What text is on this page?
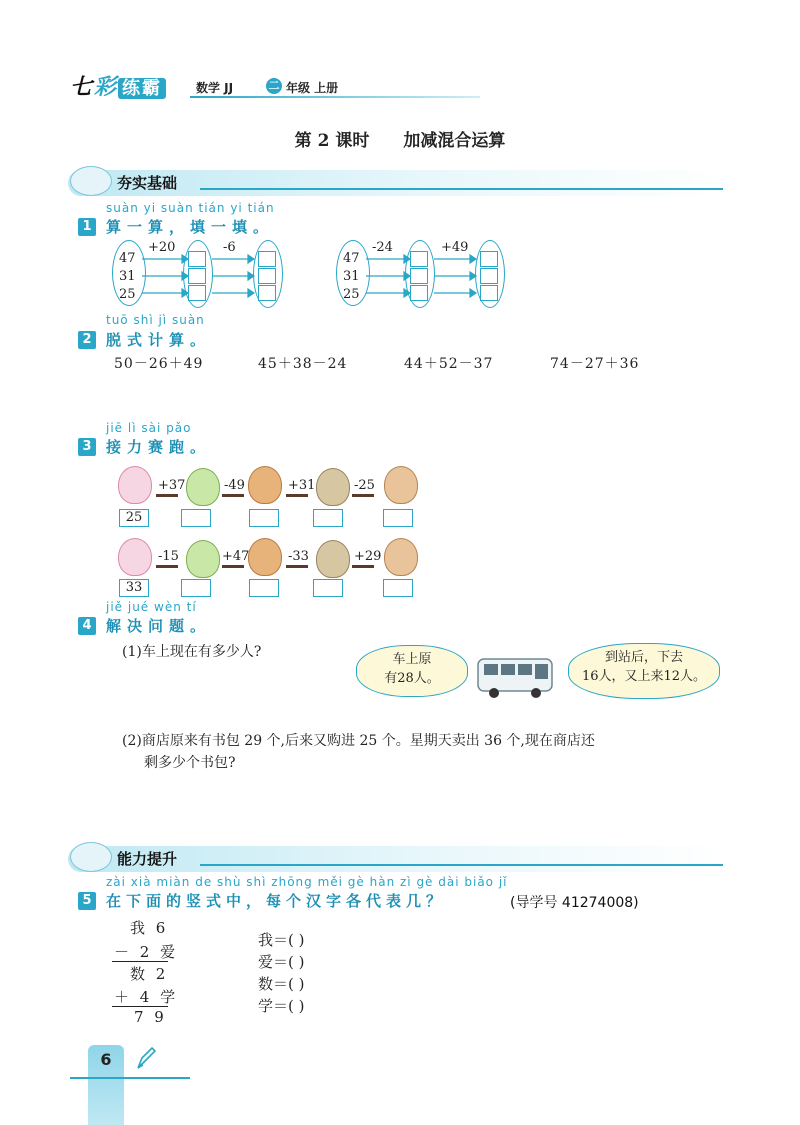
七彩 练霸	数学 JJ	二 年级 上册
第 2 课时 加减混合运算
夯实基础
suàn yi suàn tián yi tián
1 算一算，填一填。
47
31
25
+20	-6
47
31
25
-24	+49
tuō shì jì suàn
2 脱式计算。
50－26＋49	45＋38－24	44＋52－37	74－27＋36
jiē lì sài pǎo
3 接力赛跑。
+37	-49	+31	-25
25
-15	+47	-33	+29
33
jiě jué wèn tí
4 解决问题。
(1)车上现在有多少人?	车上原
有28人。
到站后，下去
16人，又上来12人。
(2)商店原来有书包 29 个,后来又购进 25 个。星期天卖出 36 个,现在商店还
剩多少个书包?
能力提升
zài xià miàn de shù shì zhōng měi gè hàn zì gè dài biǎo jǐ
5 在下面的竖式中，每个汉字各代表几？	(导学号 41274008)
我 6
－ 2 爱
数 2
＋ 4 学
7 9
我＝( )
爱＝( )
数＝( )
学＝( )
6
